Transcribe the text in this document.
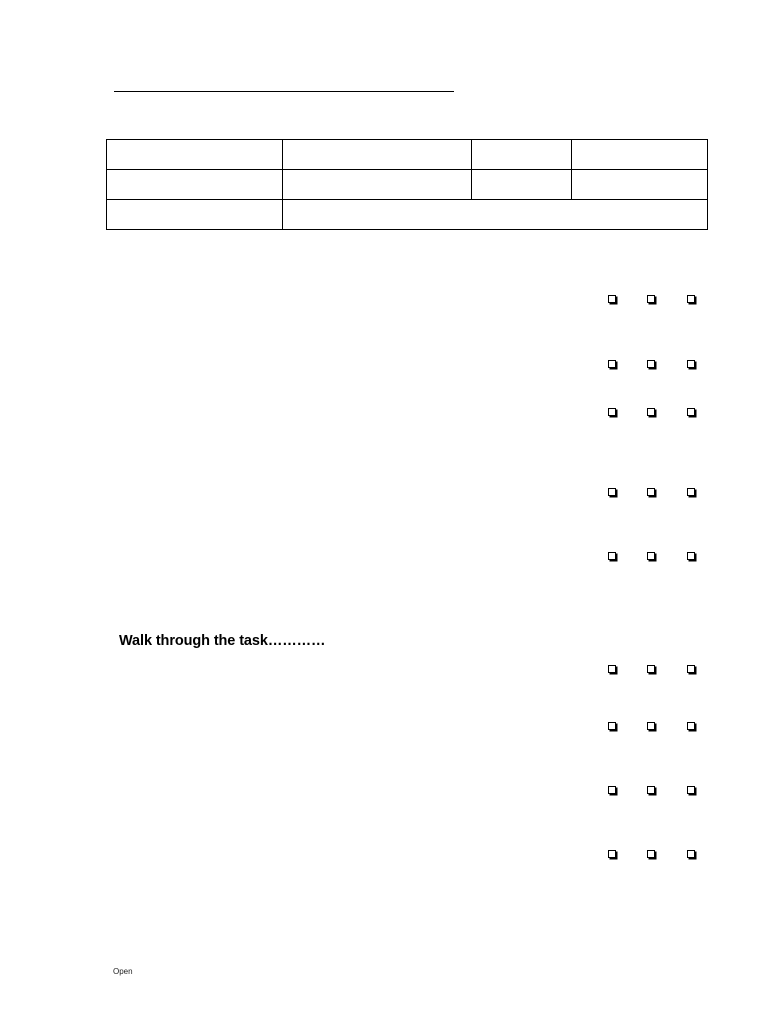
Walk through the task…………
Open
